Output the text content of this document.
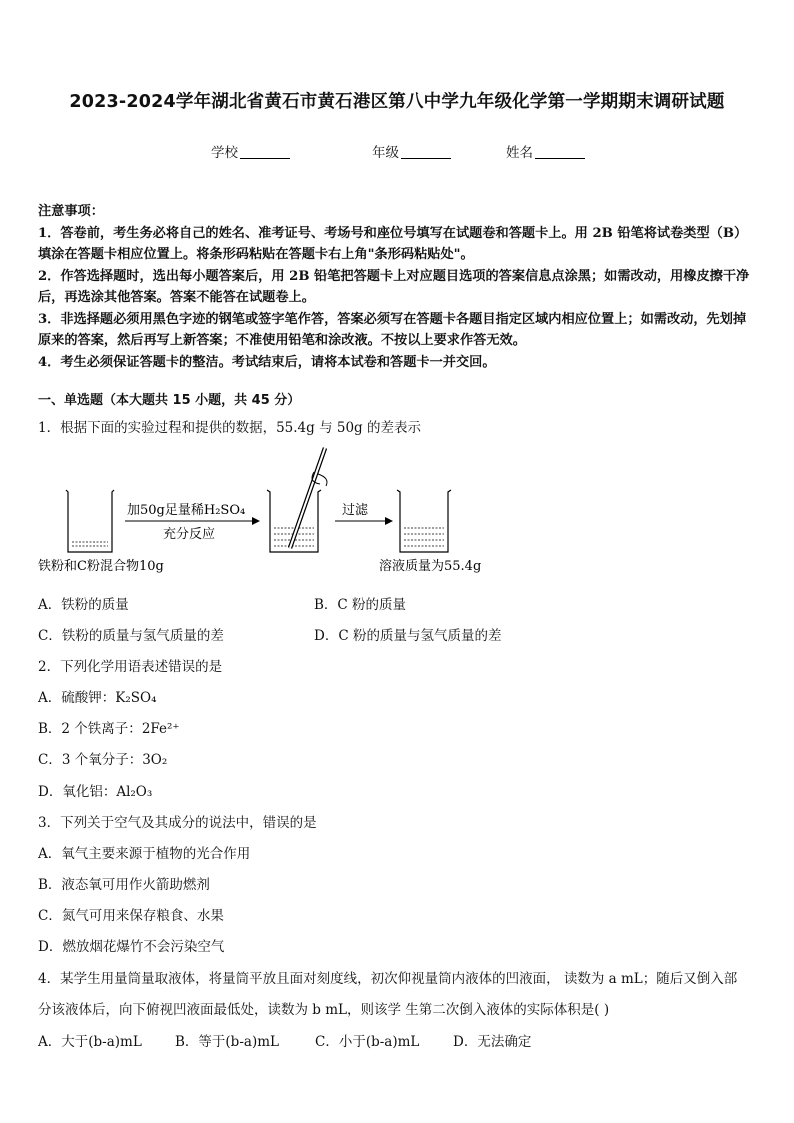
2023-2024学年湖北省黄石市黄石港区第八中学九年级化学第一学期期末调研试题
学校	年级	姓名
注意事项：
1．答卷前，考生务必将自己的姓名、准考证号、考场号和座位号填写在试题卷和答题卡上。用 2B 铅笔将试卷类型（B）填涂在答题卡相应位置上。将条形码粘贴在答题卡右上角"条形码粘贴处"。
2．作答选择题时，选出每小题答案后，用 2B 铅笔把答题卡上对应题目选项的答案信息点涂黑；如需改动，用橡皮擦干净后，再选涂其他答案。答案不能答在试题卷上。
3．非选择题必须用黑色字迹的钢笔或签字笔作答，答案必须写在答题卡各题目指定区域内相应位置上；如需改动，先划掉原来的答案，然后再写上新答案；不准使用铅笔和涂改液。不按以上要求作答无效。
4．考生必须保证答题卡的整洁。考试结束后，请将本试卷和答题卡一并交回。
一、单选题（本大题共 15 小题，共 45 分）
1．根据下面的实验过程和提供的数据，55.4g 与 50g 的差表示
加50g足量稀H₂SO₄
充分反应
过滤
铁粉和C粉混合物10g	溶液质量为55.4g
A．铁粉的质量	B．C 粉的质量
C．铁粉的质量与氢气质量的差	D．C 粉的质量与氢气质量的差
2．下列化学用语表述错误的是
A．硫酸钾：K₂SO₄
B．2 个铁离子：2Fe²⁺
C．3 个氧分子：3O₂
D．氧化铝：Al₂O₃
3．下列关于空气及其成分的说法中，错误的是
A．氧气主要来源于植物的光合作用
B．液态氧可用作火箭助燃剂
C．氮气可用来保存粮食、水果
D．燃放烟花爆竹不会污染空气
4．某学生用量筒量取液体，将量筒平放且面对刻度线，初次仰视量筒内液体的凹液面， 读数为 a mL；随后又倒入部
分该液体后，向下俯视凹液面最低处，读数为 b mL，则该学 生第二次倒入液体的实际体积是( )
A．大于(b-a)mL B．等于(b-a)mL	C．小于(b-a)mL D．无法确定
